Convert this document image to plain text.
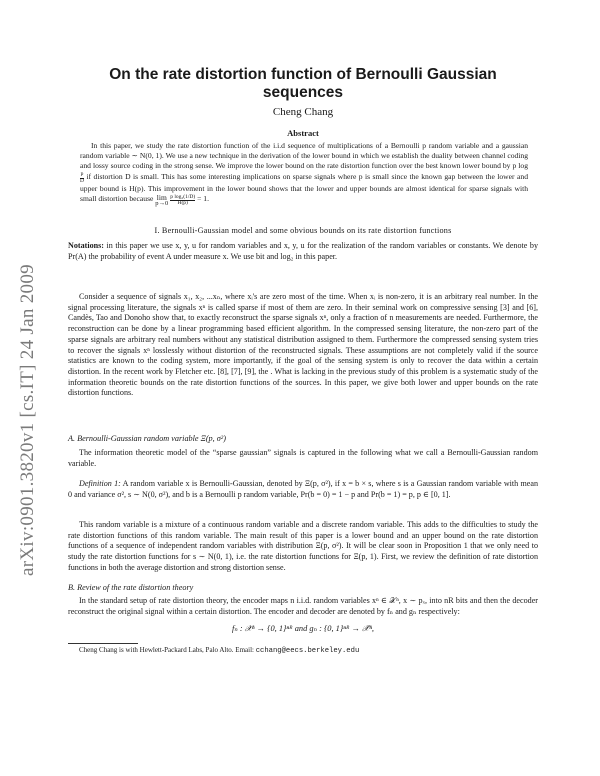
arXiv:0901.3820v1 [cs.IT] 24 Jan 2009
On the rate distortion function of Bernoulli Gaussian sequences
Cheng Chang
Abstract
In this paper, we study the rate distortion function of the i.i.d sequence of multiplications of a Bernoulli p random variable and a gaussian random variable ∼ N(0, 1). We use a new technique in the derivation of the lower bound in which we establish the duality between channel coding and lossy source coding in the strong sense. We improve the lower bound on the rate distortion function over the best known lower bound by p log
$\frac{p}{D}$ if distortion D is small. This has some interesting implications on sparse signals where p is small since the known gap between the lower and upper bound is H(p). This improvement in the lower bound shows that the lower and upper bounds are almost identical for sparse signals with small distortion because lim
p→0
$\frac{\text{p log₂(1/D)}}{H(p)} = 1$.
I. Bernoulli-Gaussian model and some obvious bounds on its rate distortion functions

Notations: in this paper we use x, y, u for random variables and x, y, u for the realization of the random variables or constants. We denote by Pr(A) the probability of event A under measure x. We use bit and log₂ in this paper.

Consider a sequence of signals x₁, x₂, ...xₙ, where xᵢ's are zero most of the time. When xᵢ is non-zero, it is an arbitrary real number. In the signal processing literature, the signals xⁿ is called sparse if most of them are zero. In their seminal work on compressive sensing [3] and [6], Candès, Tao and Donoho show that, to exactly reconstruct the sparse signals xⁿ, only a fraction of n measurements are needed. Furthermore, the reconstruction can be done by a linear programming based efficient algorithm. In the compressed sensing literature, the non-zero part of the sparse signals are arbitrary real numbers without any statistical distribution assigned to them. Furthermore the compressed sensing system tries to recover the signals xⁿ losslessly without distortion of the reconstructed signals. These assumptions are not completely valid if the source statistics are known to the coding system, more importantly, if the goal of the sensing system is only to recover the data within a certain distortion. In the recent work by Fletcher etc. [8], [7], [9], the . What is lacking in the previous study of this problem is a systematic study of the information theoretic bounds on the rate distortion functions of the sources. In this paper, we give both lower and upper bounds on the rate distortion functions.

A. Bernoulli-Gaussian random variable Ξ(p, σ²)

The information theoretic model of the “sparse gaussian” signals is captured in the following what we call a Bernoulli-Gaussian random variable.

Definition 1: A random variable x is Bernoulli-Gaussian, denoted by Ξ(p, σ²), if x = b × s, where s is a Gaussian random variable with mean 0 and variance σ², s ∼ N(0, σ²), and b is a Bernoulli p random variable, Pr(b = 0) = 1 − p and Pr(b = 1) = p, p ∈ [0, 1].

This random variable is a mixture of a continuous random variable and a discrete random variable. This adds to the difficulties to study the rate distortion functions of this random variable. The main result of this paper is a lower bound and an upper bound on the rate distortion functions of a sequence of independent random variables with distribution Ξ(p, σ²). It will be clear soon in Proposition 1 that we only need to study the rate distortion functions for s ∼ N(0, 1), i.e. the rate distortion functions for Ξ(p, 1). First, we review the definition of rate distortion functions in both the average distortion and strong distortion sense.

B. Review of the rate distortion theory

In the standard setup of rate distortion theory, the encoder maps n i.i.d. random variables xⁿ ∈ 𝒳ⁿ, x ∼ pₓ, into nR bits and then the decoder reconstruct the original signal within a certain distortion. The encoder and decoder are denoted by fₙ and gₙ respectively:

fₙ : 𝒳ⁿ → {0, 1}ⁿᴿ and gₙ : {0, 1}ⁿᴿ → 𝒳̂ⁿ,
Cheng Chang is with Hewlett-Packard Labs, Palo Alto. Email: cchang@eecs.berkeley.edu
